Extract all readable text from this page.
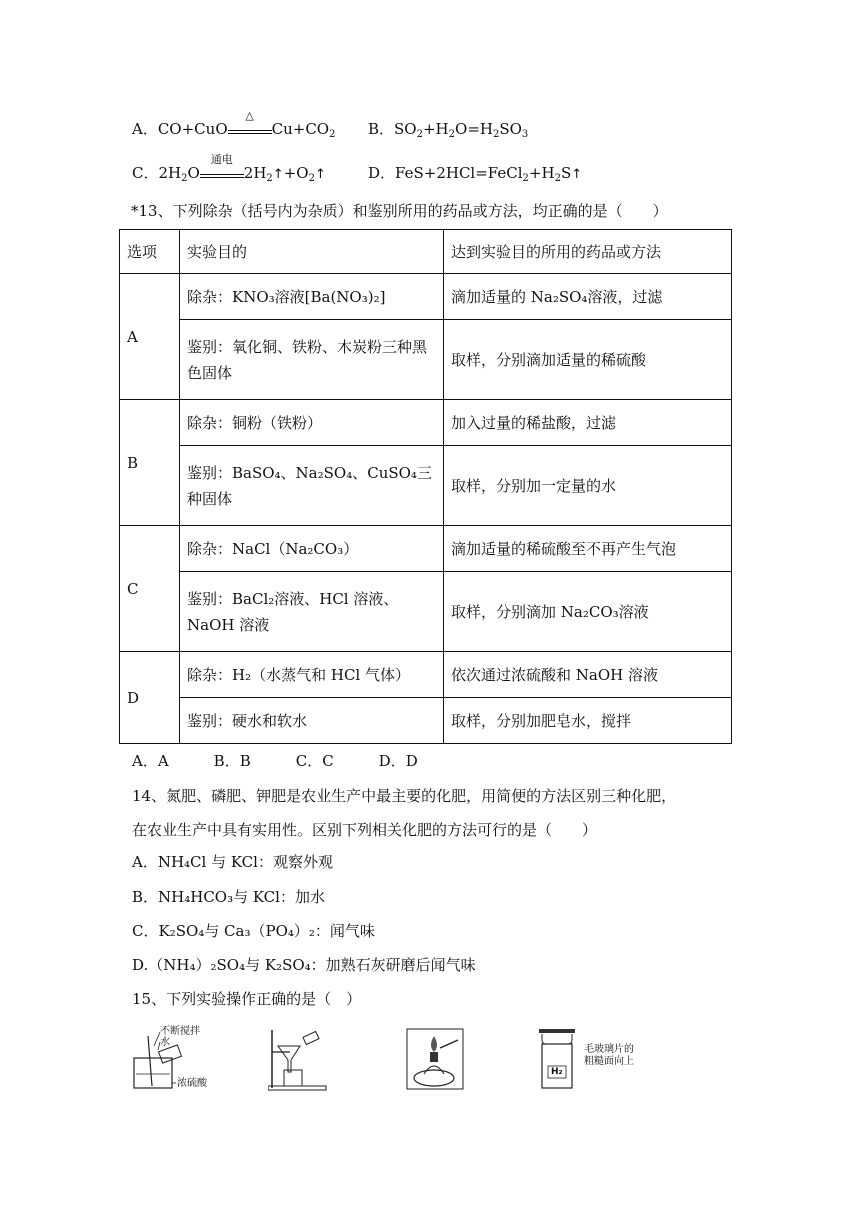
A．CO+CuO
△
$Cu+CO_2$ B．$SO_2+H_2O=H_2SO_3$
C．$2H_2O$
通电
$2H_2↑+O_2↑$	D．$FeS+2HCl=FeCl_2+H_2S↑$
*13、下列除杂（括号内为杂质）和鉴别所用的药品或方法，均正确的是（　　）
选项	实验目的	达到实验目的所用的药品或方法
A	除杂：KNO₃溶液[Ba(NO₃)₂]	滴加适量的 Na₂SO₄溶液，过滤
	鉴别：氧化铜、铁粉、木炭粉三种黑色固体	取样，分别滴加适量的稀硫酸
B	除杂：铜粉（铁粉）	加入过量的稀盐酸，过滤
	鉴别：BaSO₄、Na₂SO₄、CuSO₄三种固体	取样，分别加一定量的水
C	除杂：NaCl（Na₂CO₃）	滴加适量的稀硫酸至不再产生气泡
	鉴别：BaCl₂溶液、HCl 溶液、NaOH 溶液	取样，分别滴加 Na₂CO₃溶液
D	除杂：H₂（水蒸气和 HCl 气体）	依次通过浓硫酸和 NaOH 溶液
	鉴别：硬水和软水	取样，分别加肥皂水，搅拌
A．A　　　B．B　　　C．C　　　D．D
14、氮肥、磷肥、钾肥是农业生产中最主要的化肥，用简便的方法区别三种化肥，
在农业生产中具有实用性。区别下列相关化肥的方法可行的是（　　）
A．NH₄Cl 与 KCl：观察外观
B．NH₄HCO₃与 KCl：加水
C．K₂SO₄与 Ca₃（PO₄）₂：闻气味
D.（NH₄）₂SO₄与 K₂SO₄：加熟石灰研磨后闻气味
15、下列实验操作正确的是（　）
不断搅拌
水
浓硫酸
H₂
毛玻璃片的
粗糙面向上
